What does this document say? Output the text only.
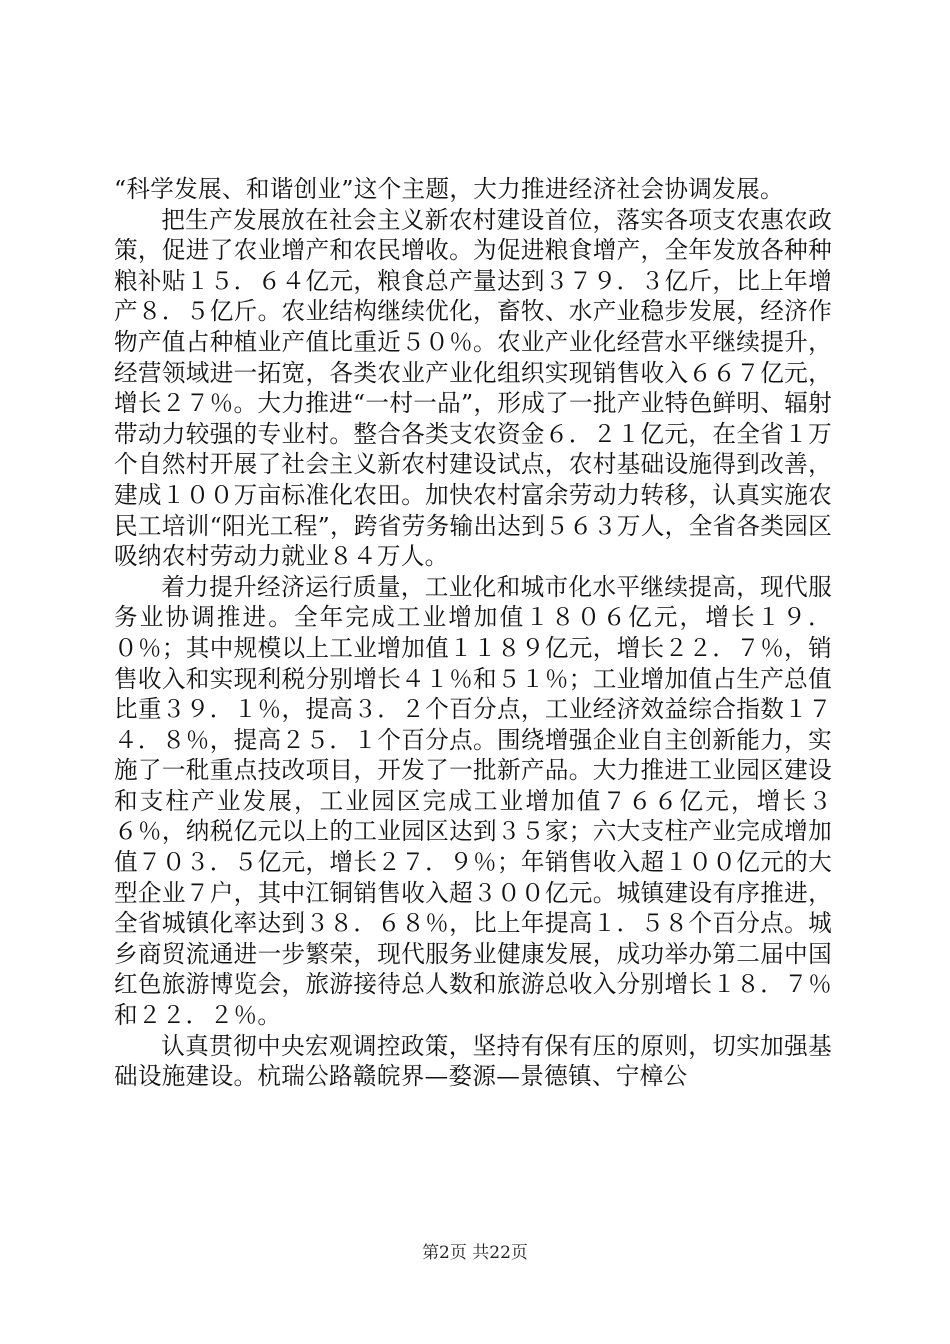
“科学发展、和谐创业”这个主题，大力推进经济社会协调发展。

把生产发展放在社会主义新农村建设首位，落实各项支农惠农政策，促进了农业增产和农民增收。为促进粮食增产，全年发放各种种粮补贴１５．６４亿元，粮食总产量达到３７９．３亿斤，比上年增产８．５亿斤。农业结构继续优化，畜牧、水产业稳步发展，经济作物产值占种植业产值比重近５０％。农业产业化经营水平继续提升，经营领域进一拓宽，各类农业产业化组织实现销售收入６６７亿元，增长２７％。大力推进“一村一品”，形成了一批产业特色鲜明、辐射带动力较强的专业村。整合各类支农资金６．２１亿元，在全省１万个自然村开展了社会主义新农村建设试点，农村基础设施得到改善，建成１００万亩标准化农田。加快农村富余劳动力转移，认真实施农民工培训“阳光工程”，跨省劳务输出达到５６３万人，全省各类园区吸纳农村劳动力就业８４万人。

着力提升经济运行质量，工业化和城市化水平继续提高，现代服务业协调推进。全年完成工业增加值１８０６亿元，增长１９．０％；其中规模以上工业增加值１１８９亿元，增长２２．７％，销售收入和实现利税分别增长４１％和５１％；工业增加值占生产总值比重３９．１％，提高３．２个百分点，工业经济效益综合指数１７４．８％，提高２５．１个百分点。围绕增强企业自主创新能力，实施了一秕重点技改项目，开发了一批新产品。大力推进工业园区建设和支柱产业发展，工业园区完成工业增加值７６６亿元，增长３６％，纳税亿元以上的工业园区达到３５家；六大支柱产业完成增加值７０３．５亿元，增长２７．９％；年销售收入超１００亿元的大型企业７户，其中江铜销售收入超３００亿元。城镇建设有序推进，全省城镇化率达到３８．６８％，比上年提高１．５８个百分点。城乡商贸流通进一步繁荣，现代服务业健康发展，成功举办第二届中国红色旅游博览会，旅游接待总人数和旅游总收入分别增长１８．７％和２２．２％。

认真贯彻中央宏观调控政策，坚持有保有压的原则，切实加强基础设施建设。杭瑞公路赣皖界—婺源—景德镇、宁樟公

第2页 共22页
